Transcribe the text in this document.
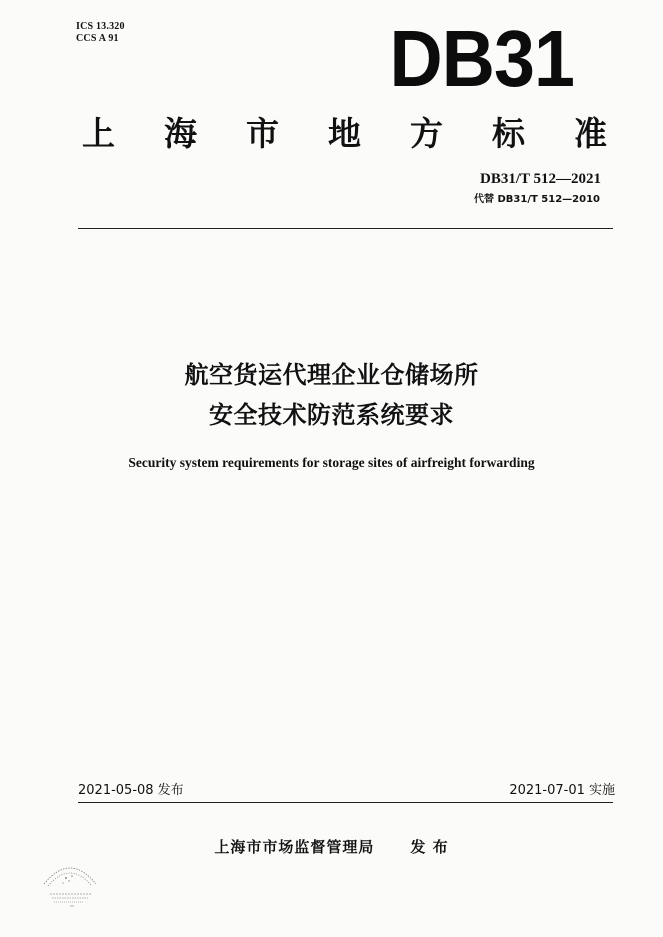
ICS 13.320
CCS A 91	DB31
上 海 市 地 方 标 准
DB31/T 512—2021
代替 DB31/T 512—2010
航空货运代理企业仓储场所
安全技术防范系统要求
Security system requirements for storage sites of airfreight forwarding
2021-05-08 发布	2021-07-01 实施
上海市市场监督管理局 发 布
